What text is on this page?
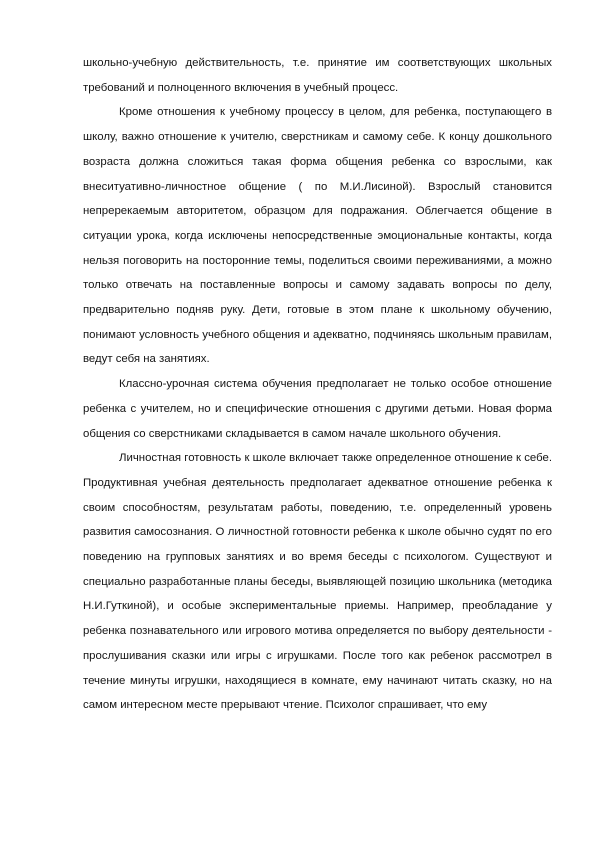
школьно-учебную действительность, т.е. принятие им соответствующих школьных требований и полноценного включения в учебный процесс.

Кроме отношения к учебному процессу в целом, для ребенка, поступающего в школу, важно отношение к учителю, сверстникам и самому себе. К концу дошкольного возраста должна сложиться такая форма общения ребенка со взрослыми, как внеситуативно-личностное общение ( по М.И.Лисиной). Взрослый становится непререкаемым авторитетом, образцом для подражания. Облегчается общение в ситуации урока, когда исключены непосредственные эмоциональные контакты, когда нельзя поговорить на посторонние темы, поделиться своими переживаниями, а можно только отвечать на поставленные вопросы и самому задавать вопросы по делу, предварительно подняв руку. Дети, готовые в этом плане к школьному обучению, понимают условность учебного общения и адекватно, подчиняясь школьным правилам, ведут себя на занятиях.

Классно-урочная система обучения предполагает не только особое отношение ребенка с учителем, но и специфические отношения с другими детьми. Новая форма общения со сверстниками складывается в самом начале школьного обучения.

Личностная готовность к школе включает также определенное отношение к себе. Продуктивная учебная деятельность предполагает адекватное отношение ребенка к своим способностям, результатам работы, поведению, т.е. определенный уровень развития самосознания. О личностной готовности ребенка к школе обычно судят по его поведению на групповых занятиях и во время беседы с психологом. Существуют и специально разработанные планы беседы, выявляющей позицию школьника (методика Н.И.Гуткиной), и особые экспериментальные приемы. Например, преобладание у ребенка познавательного или игрового мотива определяется по выбору деятельности - прослушивания сказки или игры с игрушками. После того как ребенок рассмотрел в течение минуты игрушки, находящиеся в комнате, ему начинают читать сказку, но на самом интересном месте прерывают чтение. Психолог спрашивает, что ему
